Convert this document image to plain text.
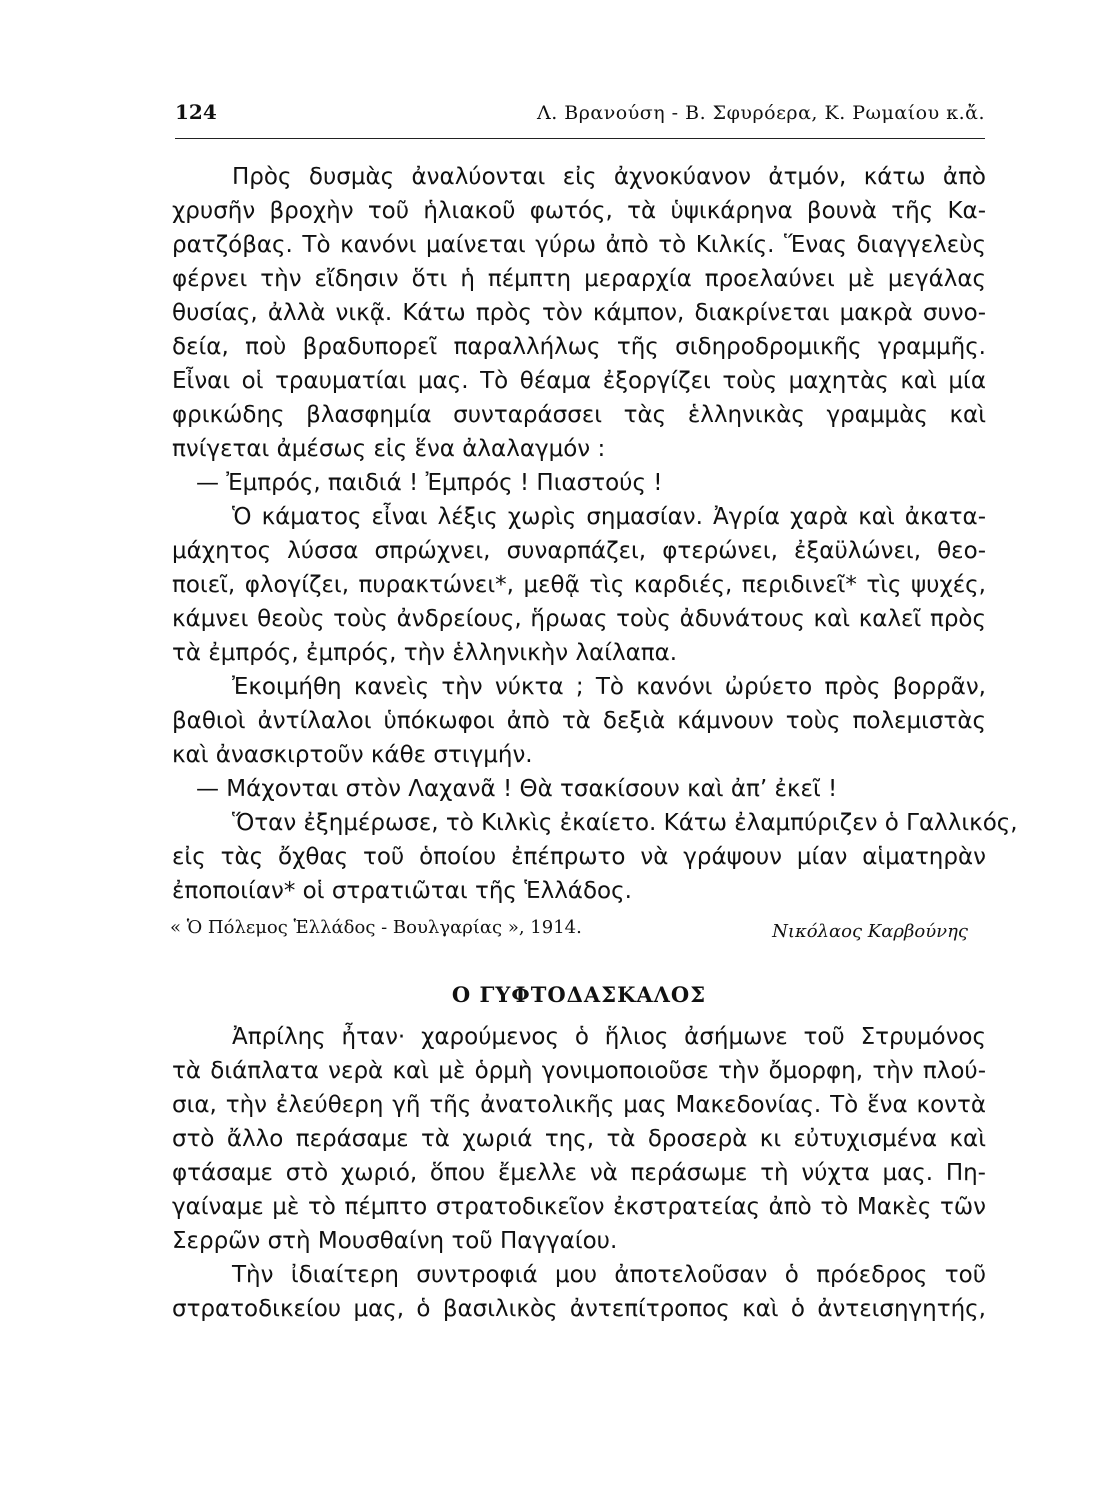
124	Λ. Βρανούση - Β. Σφυρόερα, Κ. Ρωμαίου κ.ἄ.
Πρὸς δυσμὰς ἀναλύονται εἰς ἀχνοκύανον ἀτμόν, κάτω ἀπὸ
χρυσῆν βροχὴν τοῦ ἡλιακοῦ φωτός, τὰ ὑψικάρηνα βουνὰ τῆς Κα-
ρατζόβας. Τὸ κανόνι μαίνεται γύρω ἀπὸ τὸ Κιλκίς. Ἕνας διαγγελεὺς
φέρνει τὴν εἴδησιν ὅτι ἡ πέμπτη μεραρχία προελαύνει μὲ μεγάλας
θυσίας, ἀλλὰ νικᾷ. Κάτω πρὸς τὸν κάμπον, διακρίνεται μακρὰ συνο-
δεία, ποὺ βραδυπορεῖ παραλλήλως τῆς σιδηροδρομικῆς γραμμῆς.
Εἶναι οἱ τραυματίαι μας. Τὸ θέαμα ἐξοργίζει τοὺς μαχητὰς καὶ μία
φρικώδης βλασφημία συνταράσσει τὰς ἑλληνικὰς γραμμὰς καὶ
πνίγεται ἀμέσως εἰς ἕνα ἀλαλαγμόν :
— Ἐμπρός, παιδιά ! Ἐμπρός ! Πιαστούς !
Ὁ κάματος εἶναι λέξις χωρὶς σημασίαν. Ἀγρία χαρὰ καὶ ἀκατα-
μάχητος λύσσα σπρώχνει, συναρπάζει, φτερώνει, ἐξαϋλώνει, θεο-
ποιεῖ, φλογίζει, πυρακτώνει*, μεθᾷ τὶς καρδιές, περιδινεῖ* τὶς ψυχές,
κάμνει θεοὺς τοὺς ἀνδρείους, ἥρωας τοὺς ἀδυνάτους καὶ καλεῖ πρὸς
τὰ ἐμπρός, ἐμπρός, τὴν ἑλληνικὴν λαίλαπα.
Ἐκοιμήθη κανεὶς τὴν νύκτα ; Τὸ κανόνι ὠρύετο πρὸς βορρᾶν,
βαθιοὶ ἀντίλαλοι ὑπόκωφοι ἀπὸ τὰ δεξιὰ κάμνουν τοὺς πολεμιστὰς
καὶ ἀνασκιρτοῦν κάθε στιγμήν.
— Μάχονται στὸν Λαχανᾶ ! Θὰ τσακίσουν καὶ ἀπ’ ἐκεῖ !
« Ὁ Πόλεμος Ἑλλάδος - Βουλγαρίας », 1914.	Νικόλαος Καρβούνης
Ο ΓΥΦΤΟΔΑΣΚΑΛΟΣ
Ἀπρίλης ἦταν· χαρούμενος ὁ ἥλιος ἀσήμωνε τοῦ Στρυμόνος
τὰ διάπλατα νερὰ καὶ μὲ ὁρμὴ γονιμοποιοῦσε τὴν ὄμορφη, τὴν πλού-
σια, τὴν ἐλεύθερη γῆ τῆς ἀνατολικῆς μας Μακεδονίας. Τὸ ἕνα κοντὰ
στὸ ἄλλο περάσαμε τὰ χωριά της, τὰ δροσερὰ κι εὐτυχισμένα καὶ
φτάσαμε στὸ χωριό, ὅπου ἔμελλε νὰ περάσωμε τὴ νύχτα μας. Πη-
γαίναμε μὲ τὸ πέμπτο στρατοδικεῖον ἐκστρατείας ἀπὸ τὸ Μακὲς τῶν
Σερρῶν στὴ Μουσθαίνη τοῦ Παγγαίου.
Τὴν ἰδιαίτερη συντροφιά μου ἀποτελοῦσαν ὁ πρόεδρος τοῦ
στρατοδικείου μας, ὁ βασιλικὸς ἀντεπίτροπος καὶ ὁ ἀντεισηγητής,
Ὅταν ἐξημέρωσε, τὸ Κιλκὶς ἐκαίετο. Κάτω ἐλαμπύριζεν ὁ Γαλλικός,
εἰς τὰς ὄχθας τοῦ ὁποίου ἐπέπρωτο νὰ γράψουν μίαν αἱματηρὰν
ἐποποιίαν* οἱ στρατιῶται τῆς Ἑλλάδος.
